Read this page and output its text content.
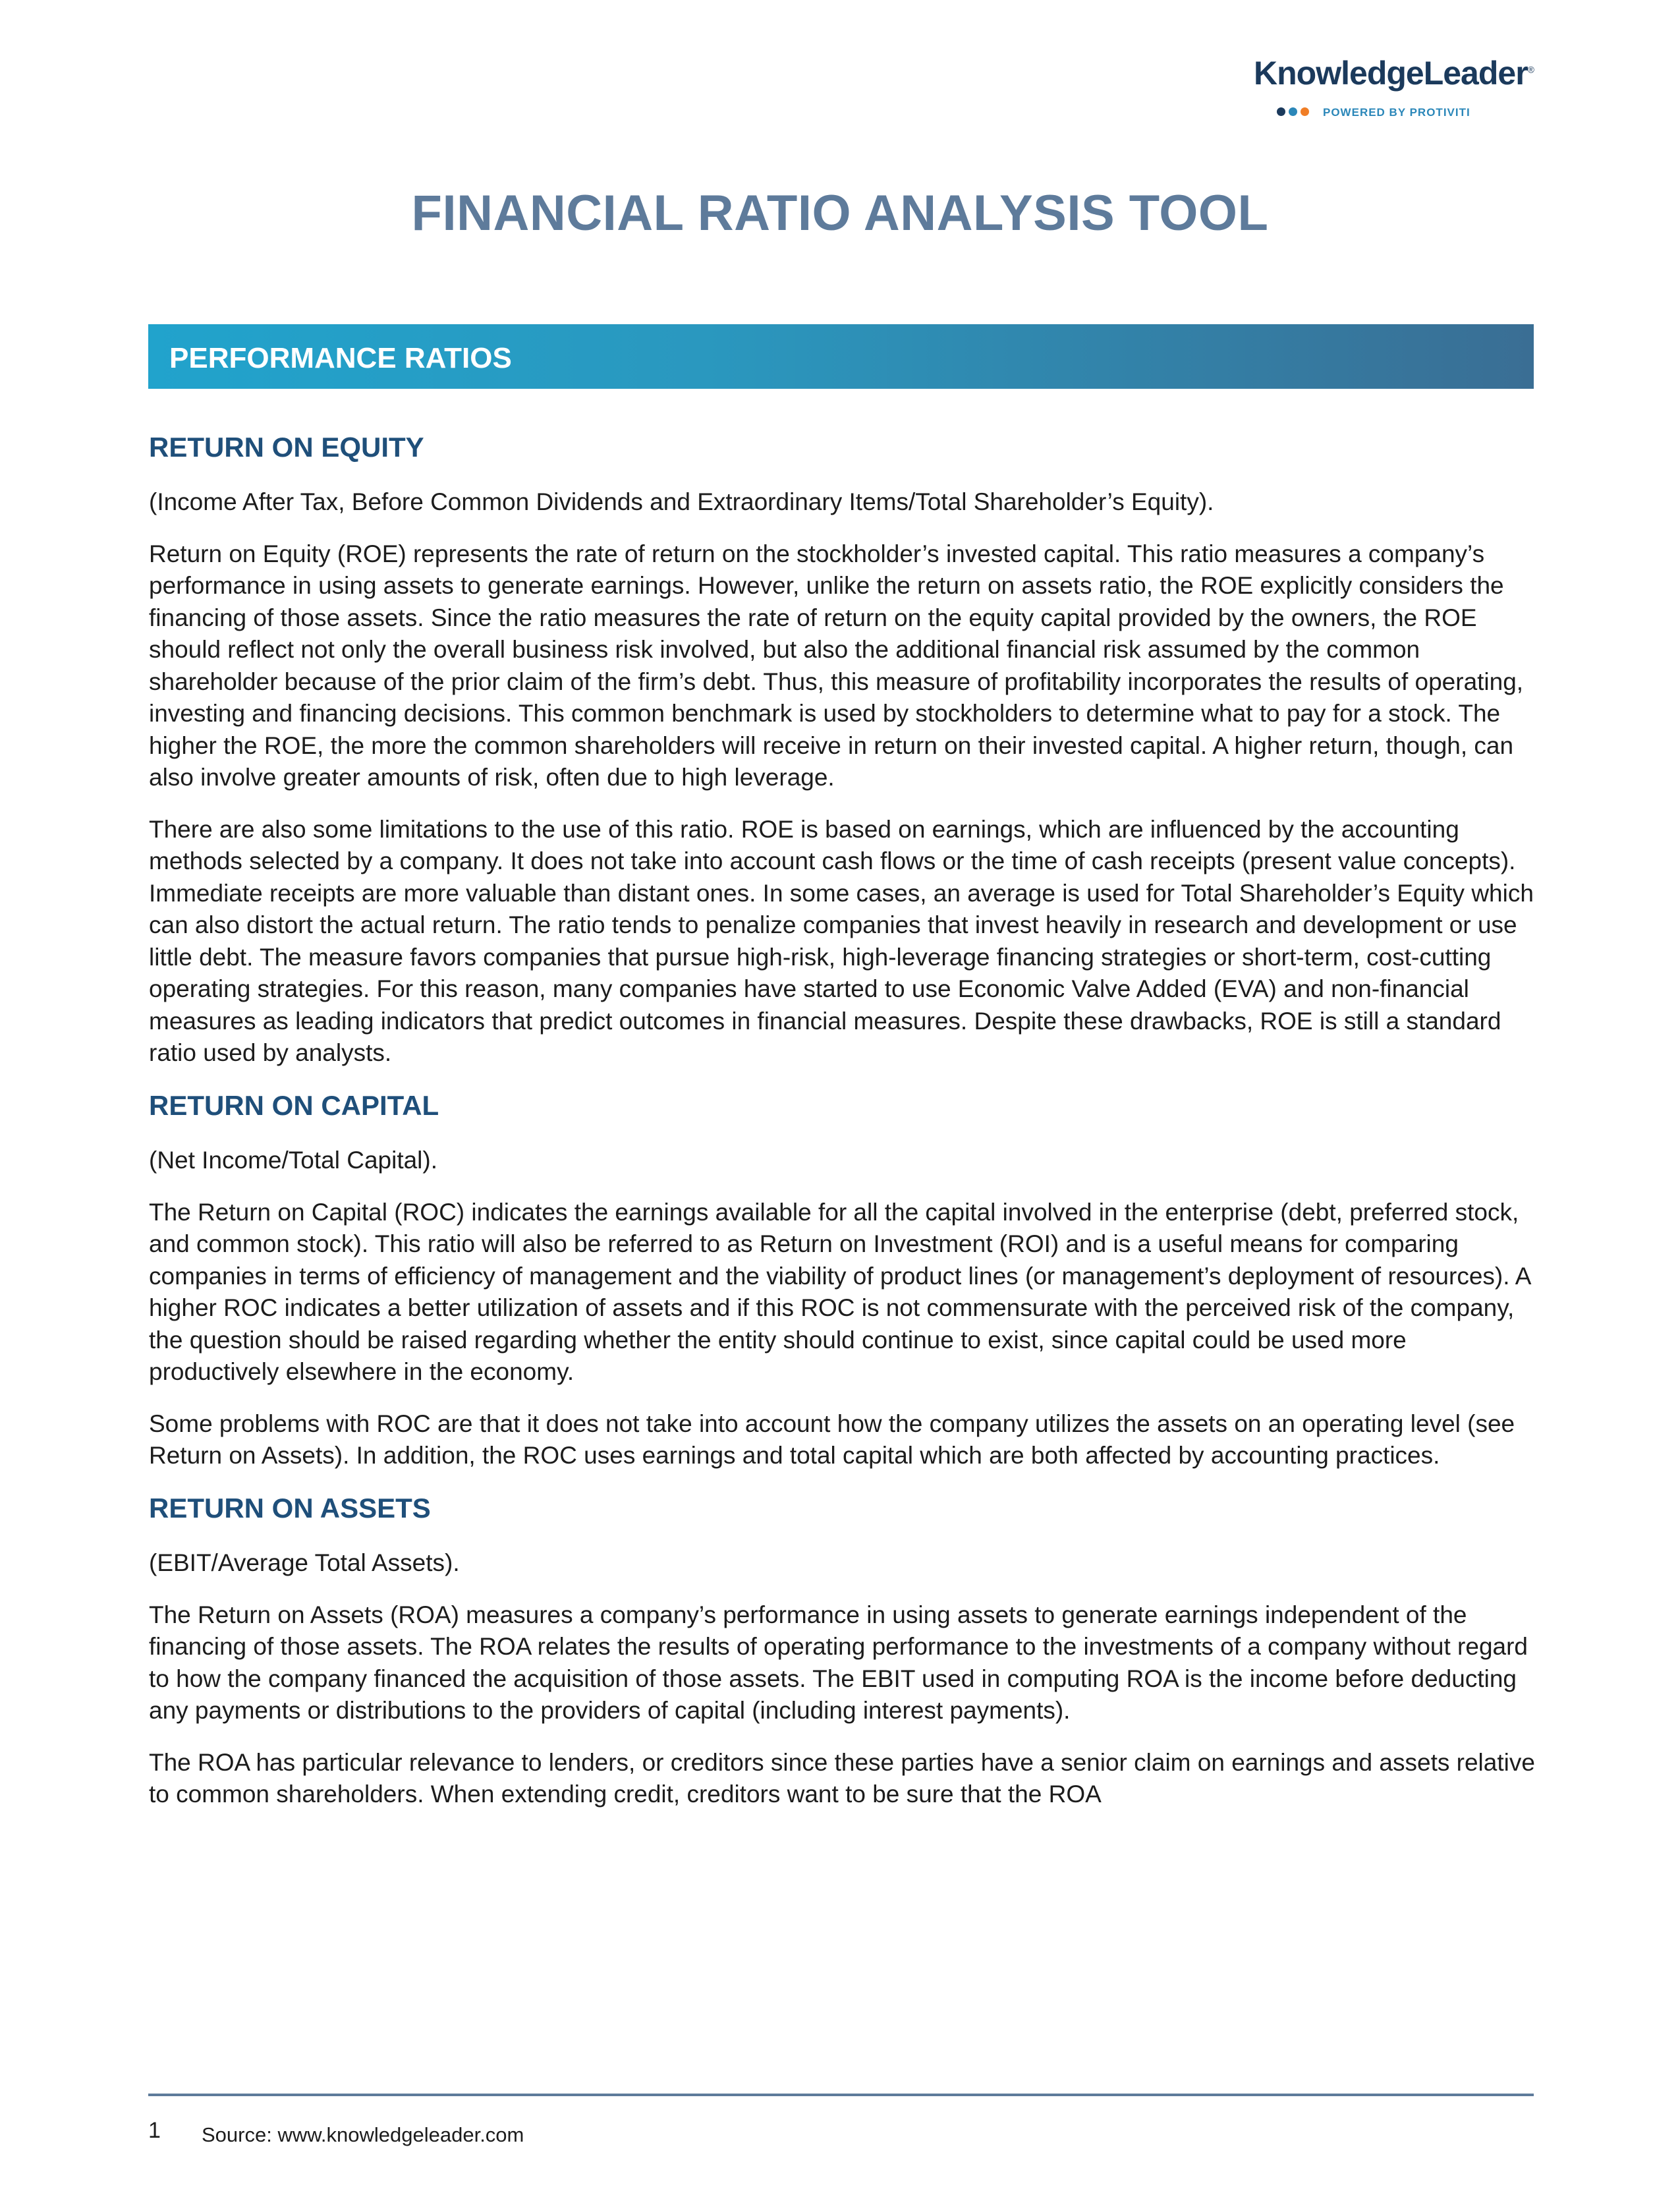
KnowledgeLeader®
POWERED BY PROTIVITI
FINANCIAL RATIO ANALYSIS TOOL
PERFORMANCE RATIOS
RETURN ON EQUITY

(Income After Tax, Before Common Dividends and Extraordinary Items/Total Shareholder’s Equity).

Return on Equity (ROE) represents the rate of return on the stockholder’s invested capital. This ratio measures a company’s performance in using assets to generate earnings. However, unlike the return on assets ratio, the ROE explicitly considers the financing of those assets. Since the ratio measures the rate of return on the equity capital provided by the owners, the ROE should reflect not only the overall business risk involved, but also the additional financial risk assumed by the common shareholder because of the prior claim of the firm’s debt. Thus, this measure of profitability incorporates the results of operating, investing and financing decisions. This common benchmark is used by stockholders to determine what to pay for a stock. The higher the ROE, the more the common shareholders will receive in return on their invested capital. A higher return, though, can also involve greater amounts of risk, often due to high leverage.

There are also some limitations to the use of this ratio. ROE is based on earnings, which are influenced by the accounting methods selected by a company. It does not take into account cash flows or the time of cash receipts (present value concepts). Immediate receipts are more valuable than distant ones. In some cases, an average is used for Total Shareholder’s Equity which can also distort the actual return. The ratio tends to penalize companies that invest heavily in research and development or use little debt. The measure favors companies that pursue high-risk, high-leverage financing strategies or short-term, cost-cutting operating strategies. For this reason, many companies have started to use Economic Valve Added (EVA) and non-financial measures as leading indicators that predict outcomes in financial measures. Despite these drawbacks, ROE is still a standard ratio used by analysts.

RETURN ON CAPITAL

(Net Income/Total Capital).

The Return on Capital (ROC) indicates the earnings available for all the capital involved in the enterprise (debt, preferred stock, and common stock). This ratio will also be referred to as Return on Investment (ROI) and is a useful means for comparing companies in terms of efficiency of management and the viability of product lines (or management’s deployment of resources). A higher ROC indicates a better utilization of assets and if this ROC is not commensurate with the perceived risk of the company, the question should be raised regarding whether the entity should continue to exist, since capital could be used more productively elsewhere in the economy.

Some problems with ROC are that it does not take into account how the company utilizes the assets on an operating level (see Return on Assets). In addition, the ROC uses earnings and total capital which are both affected by accounting practices.

RETURN ON ASSETS

(EBIT/Average Total Assets).

The Return on Assets (ROA) measures a company’s performance in using assets to generate earnings independent of the financing of those assets. The ROA relates the results of operating performance to the investments of a company without regard to how the company financed the acquisition of those assets. The EBIT used in computing ROA is the income before deducting any payments or distributions to the providers of capital (including interest payments).

The ROA has particular relevance to lenders, or creditors since these parties have a senior claim on earnings and assets relative to common shareholders. When extending credit, creditors want to be sure that the ROA

1 Source: www.knowledgeleader.com
